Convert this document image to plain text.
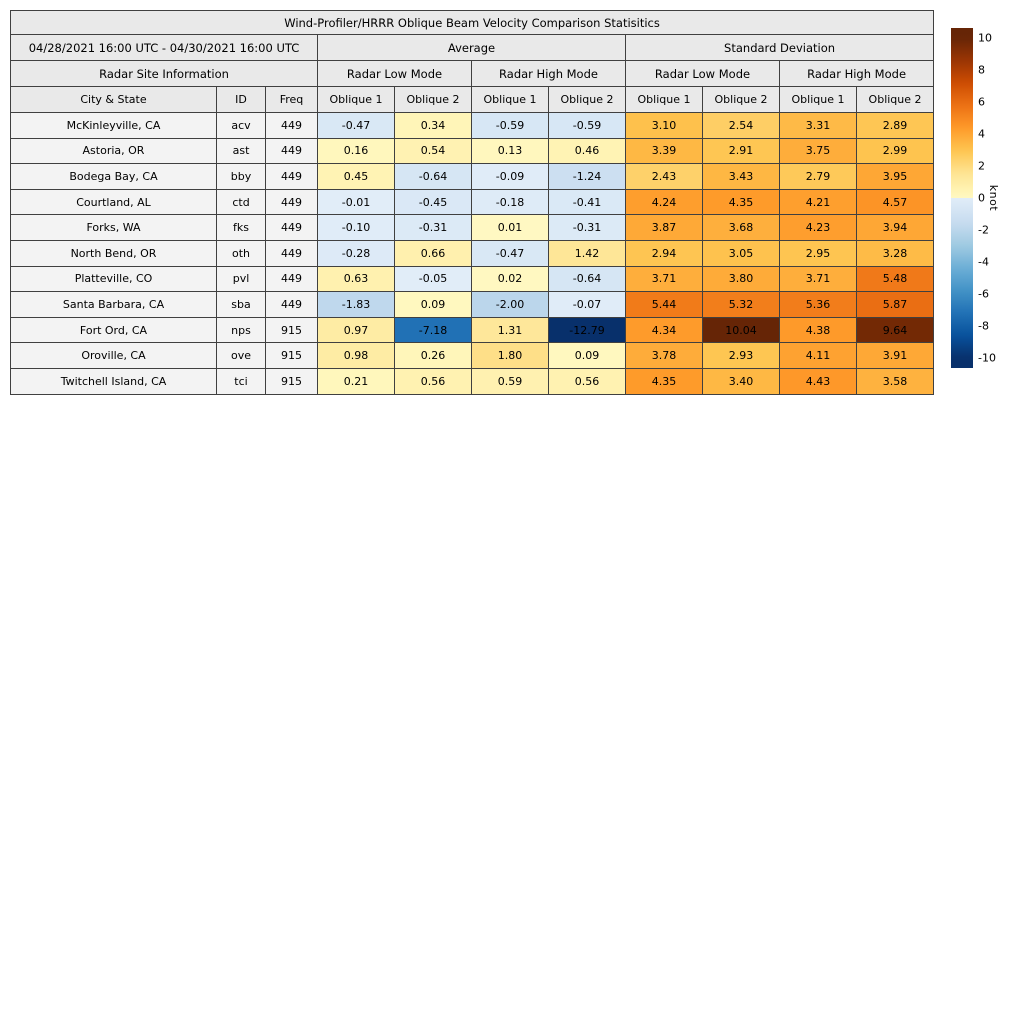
Wind-Profiler/HRRR Oblique Beam Velocity Comparison Statisitics										
04/28/2021 16:00 UTC - 04/30/2021 16:00 UTC			Average				Standard Deviation			
Radar Site Information			Radar Low Mode		Radar High Mode		Radar Low Mode		Radar High Mode	
City & State	ID	Freq	Oblique 1	Oblique 2	Oblique 1	Oblique 2	Oblique 1	Oblique 2	Oblique 1	Oblique 2
McKinleyville, CA	acv	449	-0.47	0.34	-0.59	-0.59	3.10	2.54	3.31	2.89
Astoria, OR	ast	449	0.16	0.54	0.13	0.46	3.39	2.91	3.75	2.99
Bodega Bay, CA	bby	449	0.45	-0.64	-0.09	-1.24	2.43	3.43	2.79	3.95
Courtland, AL	ctd	449	-0.01	-0.45	-0.18	-0.41	4.24	4.35	4.21	4.57
Forks, WA	fks	449	-0.10	-0.31	0.01	-0.31	3.87	3.68	4.23	3.94
North Bend, OR	oth	449	-0.28	0.66	-0.47	1.42	2.94	3.05	2.95	3.28
Platteville, CO	pvl	449	0.63	-0.05	0.02	-0.64	3.71	3.80	3.71	5.48
Santa Barbara, CA	sba	449	-1.83	0.09	-2.00	-0.07	5.44	5.32	5.36	5.87
Fort Ord, CA	nps	915	0.97	-7.18	1.31	-12.79	4.34	10.04	4.38	9.64
Oroville, CA	ove	915	0.98	0.26	1.80	0.09	3.78	2.93	4.11	3.91
Twitchell Island, CA	tci	915	0.21	0.56	0.59	0.56	4.35	3.40	4.43	3.58
10
8
6
4
2
0
-2
-4
-6
-8
-10
knot
